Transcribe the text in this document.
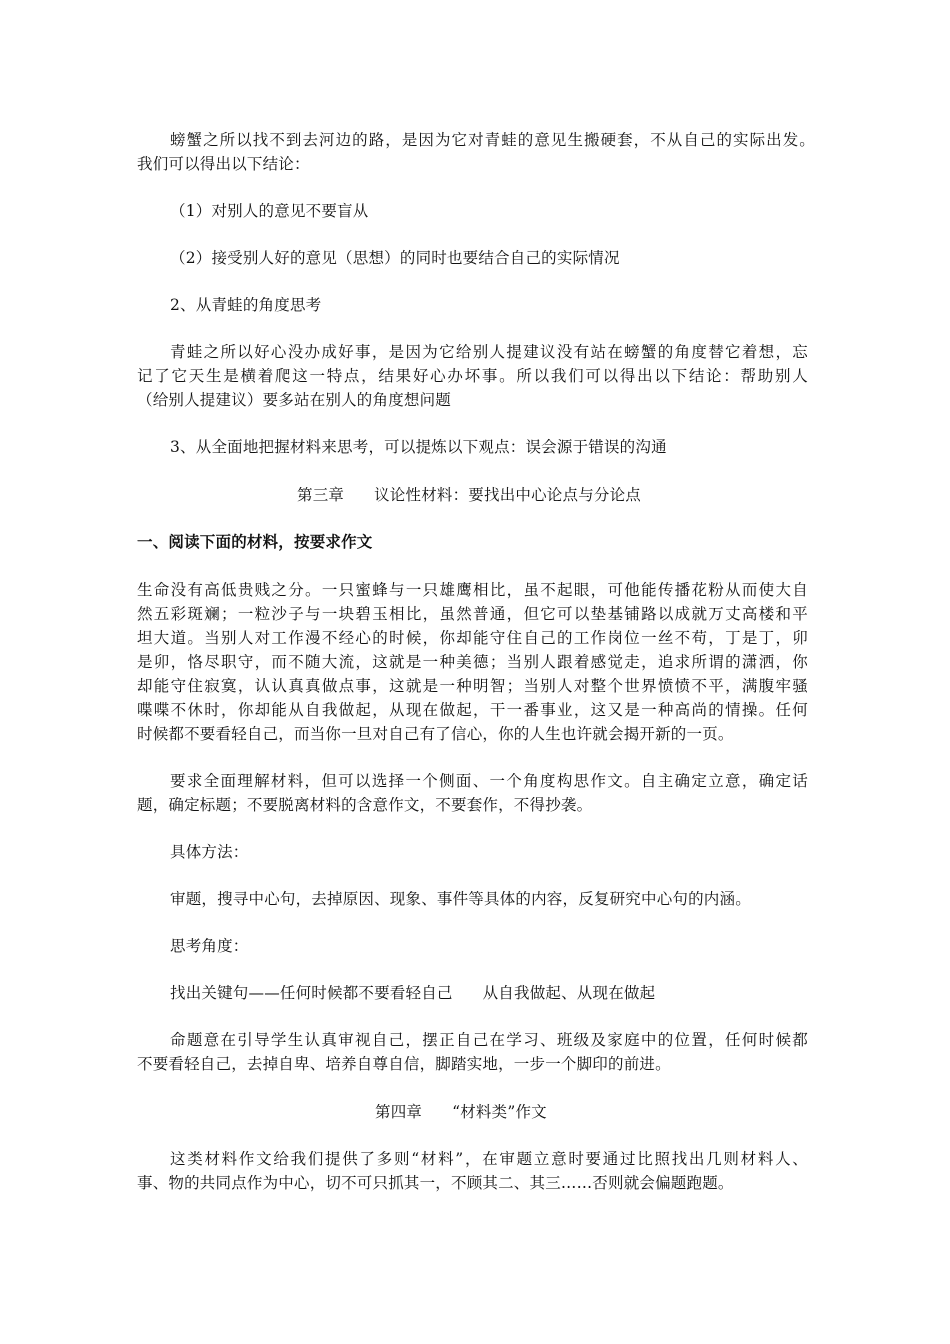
螃蟹之所以找不到去河边的路，是因为它对青蛙的意见生搬硬套，不从自己的实际出发。
我们可以得出以下结论：
（1）对别人的意见不要盲从
（2）接受别人好的意见（思想）的同时也要结合自己的实际情况
2、从青蛙的角度思考
青蛙之所以好心没办成好事，是因为它给别人提建议没有站在螃蟹的角度替它着想，忘
记了它天生是横着爬这一特点，结果好心办坏事。所以我们可以得出以下结论：帮助别人
（给别人提建议）要多站在别人的角度想问题
3、从全面地把握材料来思考，可以提炼以下观点：误会源于错误的沟通
第三章 议论性材料：要找出中心论点与分论点
一、阅读下面的材料，按要求作文
生命没有高低贵贱之分。一只蜜蜂与一只雄鹰相比，虽不起眼，可他能传播花粉从而使大自
然五彩斑斓；一粒沙子与一块碧玉相比，虽然普通，但它可以垫基铺路以成就万丈高楼和平
坦大道。当别人对工作漫不经心的时候，你却能守住自己的工作岗位一丝不苟，丁是丁，卯
是卯，恪尽职守，而不随大流，这就是一种美德；当别人跟着感觉走，追求所谓的潇洒，你
却能守住寂寞，认认真真做点事，这就是一种明智；当别人对整个世界愤愤不平，满腹牢骚
喋喋不休时，你却能从自我做起，从现在做起，干一番事业，这又是一种高尚的情操。任何
时候都不要看轻自己，而当你一旦对自己有了信心，你的人生也许就会揭开新的一页。
要求全面理解材料，但可以选择一个侧面、一个角度构思作文。自主确定立意，确定话
题，确定标题；不要脱离材料的含意作文，不要套作，不得抄袭。
具体方法：
审题，搜寻中心句，去掉原因、现象、事件等具体的内容，反复研究中心句的内涵。
思考角度：
找出关键句——任何时候都不要看轻自己 从自我做起、从现在做起
命题意在引导学生认真审视自己，摆正自己在学习、班级及家庭中的位置，任何时候都
不要看轻自己，去掉自卑、培养自尊自信，脚踏实地，一步一个脚印的前进。
第四章 “材料类”作文
这类材料作文给我们提供了多则“材料”，在审题立意时要通过比照找出几则材料人、
事、物的共同点作为中心，切不可只抓其一，不顾其二、其三……否则就会偏题跑题。
